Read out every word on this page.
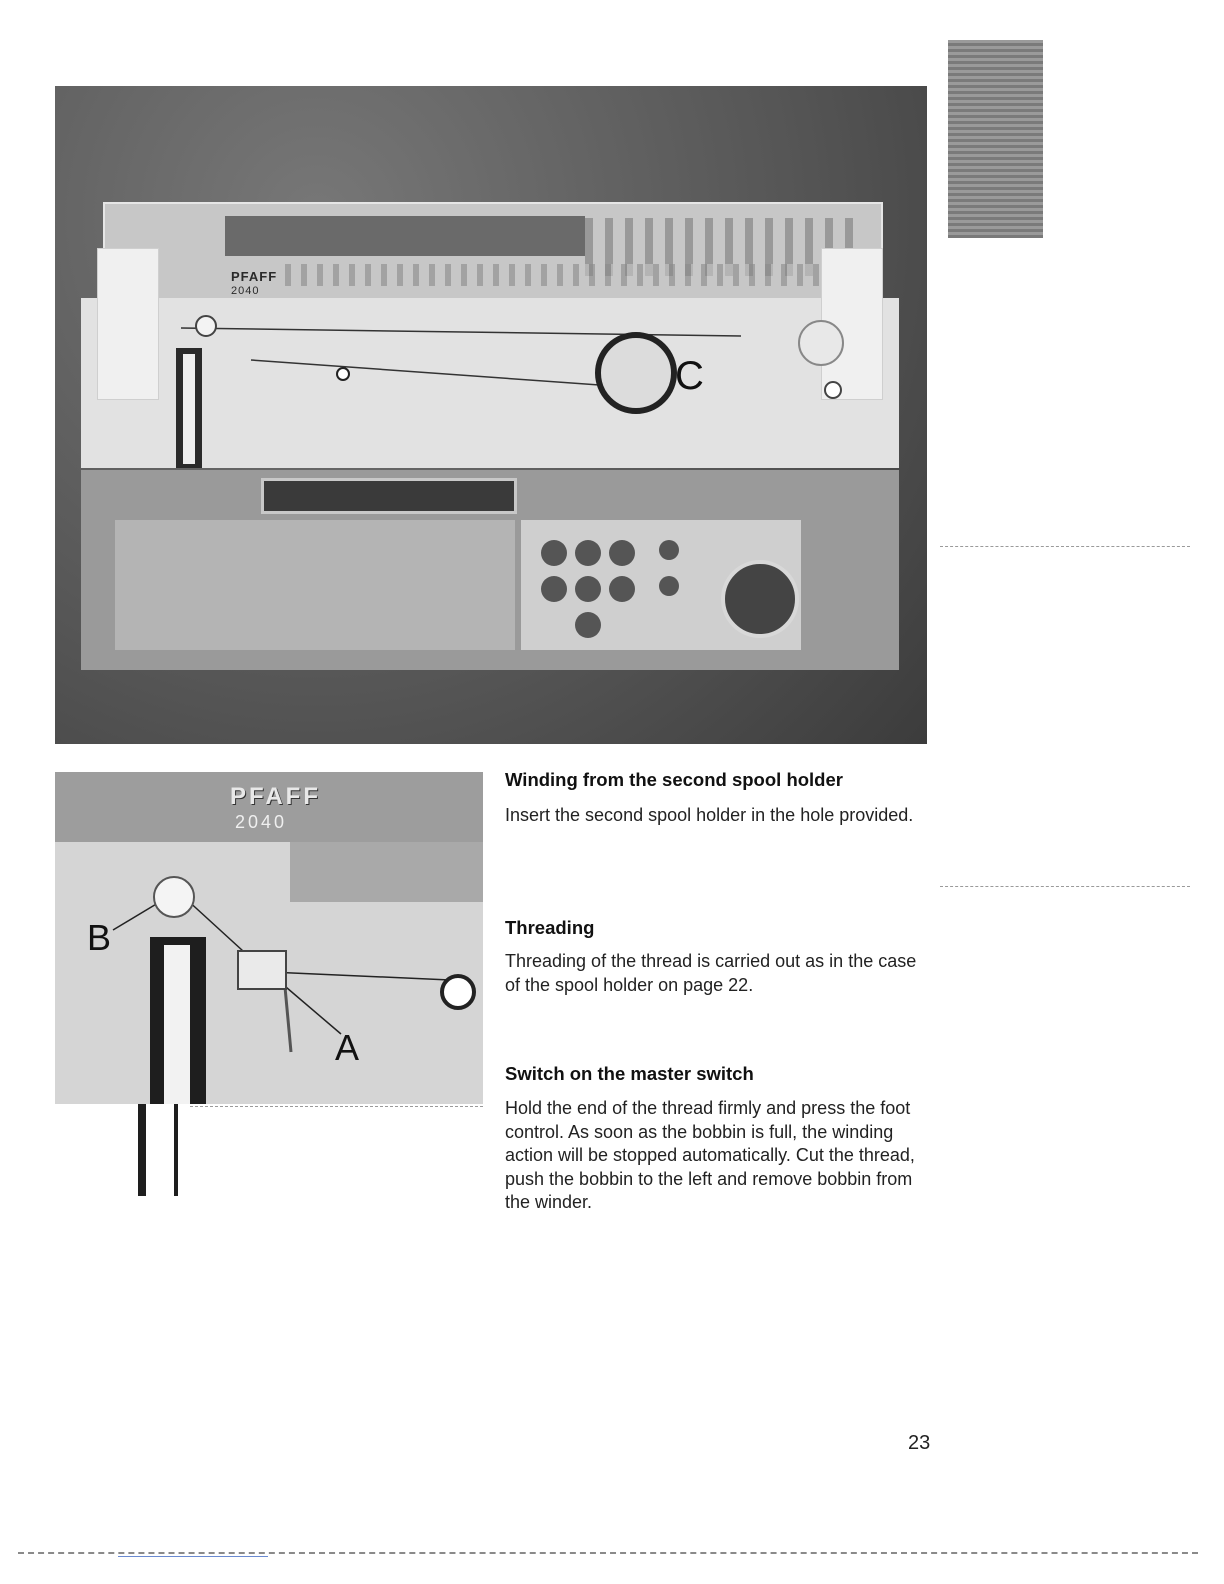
PFAFF
2040
C
PFAFF
2040
B
A
Winding from the second spool holder

Insert the second spool holder in the hole provided.

Threading

Threading of the thread is carried out as in the case of the spool holder on page 22.

Switch on the master switch

Hold the end of the thread firmly and press the foot control. As soon as the bobbin is full, the winding action will be stopped automatically. Cut the thread, push the bobbin to the left and remove bobbin from the winder.

23
